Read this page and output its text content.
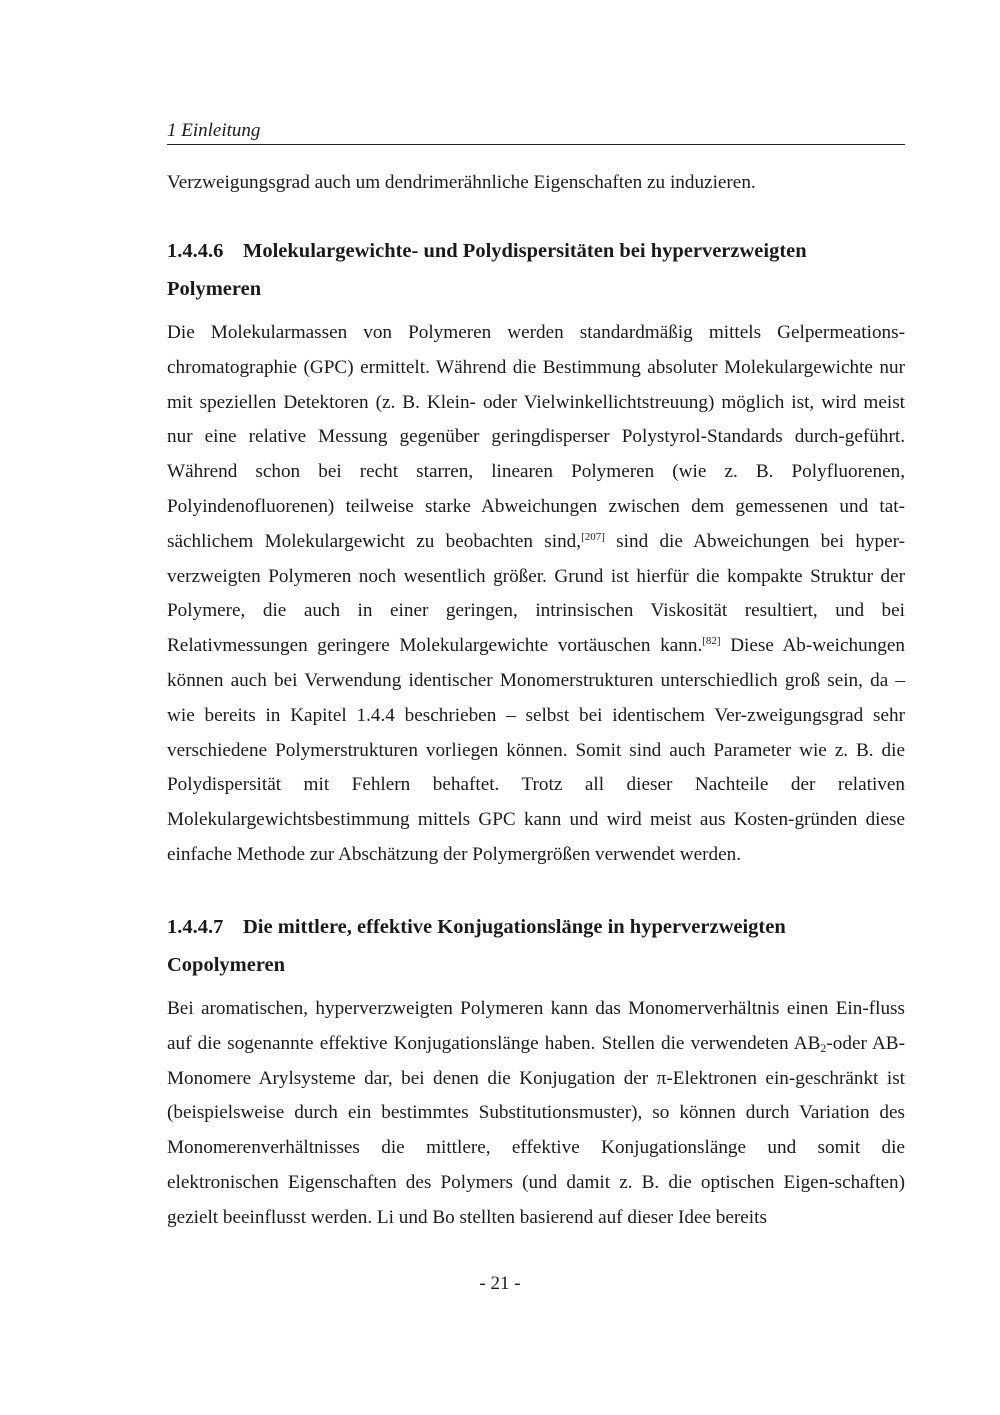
1 Einleitung

Verzweigungsgrad auch um dendrimerähnliche Eigenschaften zu induzieren.

1.4.4.6 Molekulargewichte- und Polydispersitäten bei hyperverzweigten
Polymeren

Die Molekularmassen von Polymeren werden standardmäßig mittels Gelpermeations-chromatographie (GPC) ermittelt. Während die Bestimmung absoluter Molekulargewichte nur mit speziellen Detektoren (z. B. Klein- oder Vielwinkellichtstreuung) möglich ist, wird meist nur eine relative Messung gegenüber geringdisperser Polystyrol-Standards durch-geführt. Während schon bei recht starren, linearen Polymeren (wie z. B. Polyfluorenen, Polyindenofluorenen) teilweise starke Abweichungen zwischen dem gemessenen und tat-sächlichem Molekulargewicht zu beobachten sind,[207] sind die Abweichungen bei hyper-verzweigten Polymeren noch wesentlich größer. Grund ist hierfür die kompakte Struktur der Polymere, die auch in einer geringen, intrinsischen Viskosität resultiert, und bei Relativmessungen geringere Molekulargewichte vortäuschen kann.[82] Diese Ab-weichungen können auch bei Verwendung identischer Monomerstrukturen unterschiedlich groß sein, da – wie bereits in Kapitel 1.4.4 beschrieben – selbst bei identischem Ver-zweigungsgrad sehr verschiedene Polymerstrukturen vorliegen können. Somit sind auch Parameter wie z. B. die Polydispersität mit Fehlern behaftet. Trotz all dieser Nachteile der relativen Molekulargewichtsbestimmung mittels GPC kann und wird meist aus Kosten-gründen diese einfache Methode zur Abschätzung der Polymergrößen verwendet werden.

1.4.4.7 Die mittlere, effektive Konjugationslänge in hyperverzweigten
Copolymeren

Bei aromatischen, hyperverzweigten Polymeren kann das Monomerverhältnis einen Ein-fluss auf die sogenannte effektive Konjugationslänge haben. Stellen die verwendeten $AB_2$-oder AB-Monomere Arylsysteme dar, bei denen die Konjugation der π-Elektronen ein-geschränkt ist (beispielsweise durch ein bestimmtes Substitutionsmuster), so können durch Variation des Monomerenverhältnisses die mittlere, effektive Konjugationslänge und somit die elektronischen Eigenschaften des Polymers (und damit z. B. die optischen Eigen-schaften) gezielt beeinflusst werden. Li und Bo stellten basierend auf dieser Idee bereits

- 21 -
